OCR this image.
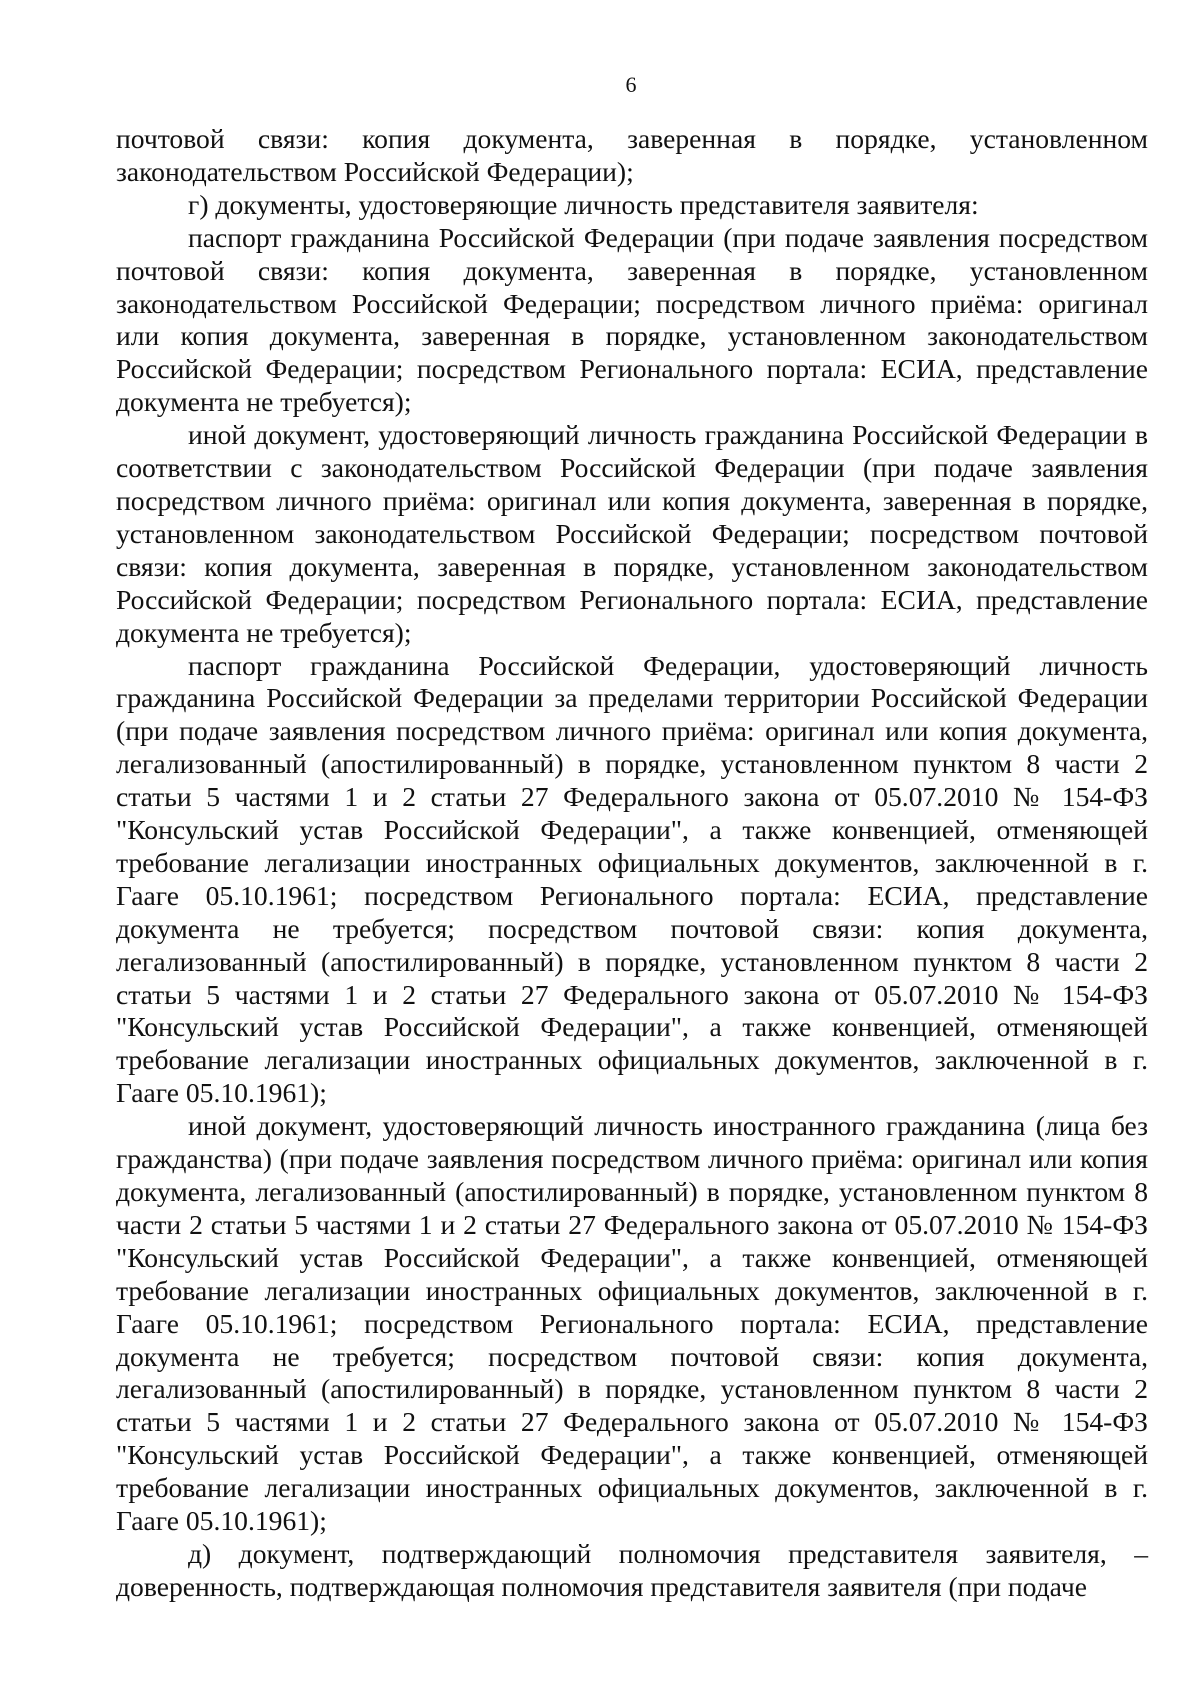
6

почтовой связи: копия документа, заверенная в порядке, установленном законодательством Российской Федерации);

г) документы, удостоверяющие личность представителя заявителя:

паспорт гражданина Российской Федерации (при подаче заявления посредством почтовой связи: копия документа, заверенная в порядке, установленном законодательством Российской Федерации; посредством личного приёма: оригинал или копия документа, заверенная в порядке, установленном законодательством Российской Федерации; посредством Регионального портала: ЕСИА, представление документа не требуется);

иной документ, удостоверяющий личность гражданина Российской Федерации в соответствии с законодательством Российской Федерации (при подаче заявления посредством личного приёма: оригинал или копия документа, заверенная в порядке, установленном законодательством Российской Федерации; посредством почтовой связи: копия документа, заверенная в порядке, установленном законодательством Российской Федерации; посредством Регионального портала: ЕСИА, представление документа не требуется);

паспорт гражданина Российской Федерации, удостоверяющий личность гражданина Российской Федерации за пределами территории Российской Федерации (при подаче заявления посредством личного приёма: оригинал или копия документа, легализованный (апостилированный) в порядке, установленном пунктом 8 части 2 статьи 5 частями 1 и 2 статьи 27 Федерального закона от 05.07.2010 № 154-ФЗ "Консульский устав Российской Федерации", а также конвенцией, отменяющей требование легализации иностранных официальных документов, заключенной в г. Гааге 05.10.1961; посредством Регионального портала: ЕСИА, представление документа не требуется; посредством почтовой связи: копия документа, легализованный (апостилированный) в порядке, установленном пунктом 8 части 2 статьи 5 частями 1 и 2 статьи 27 Федерального закона от 05.07.2010 № 154-ФЗ "Консульский устав Российской Федерации", а также конвенцией, отменяющей требование легализации иностранных официальных документов, заключенной в г. Гааге 05.10.1961);

иной документ, удостоверяющий личность иностранного гражданина (лица без гражданства) (при подаче заявления посредством личного приёма: оригинал или копия документа, легализованный (апостилированный) в порядке, установленном пунктом 8 части 2 статьи 5 частями 1 и 2 статьи 27 Федерального закона от 05.07.2010 № 154-ФЗ "Консульский устав Российской Федерации", а также конвенцией, отменяющей требование легализации иностранных официальных документов, заключенной в г. Гааге 05.10.1961; посредством Регионального портала: ЕСИА, представление документа не требуется; посредством почтовой связи: копия документа, легализованный (апостилированный) в порядке, установленном пунктом 8 части 2 статьи 5 частями 1 и 2 статьи 27 Федерального закона от 05.07.2010 № 154-ФЗ "Консульский устав Российской Федерации", а также конвенцией, отменяющей требование легализации иностранных официальных документов, заключенной в г. Гааге 05.10.1961);

д) документ, подтверждающий полномочия представителя заявителя, – доверенность, подтверждающая полномочия представителя заявителя (при подаче
